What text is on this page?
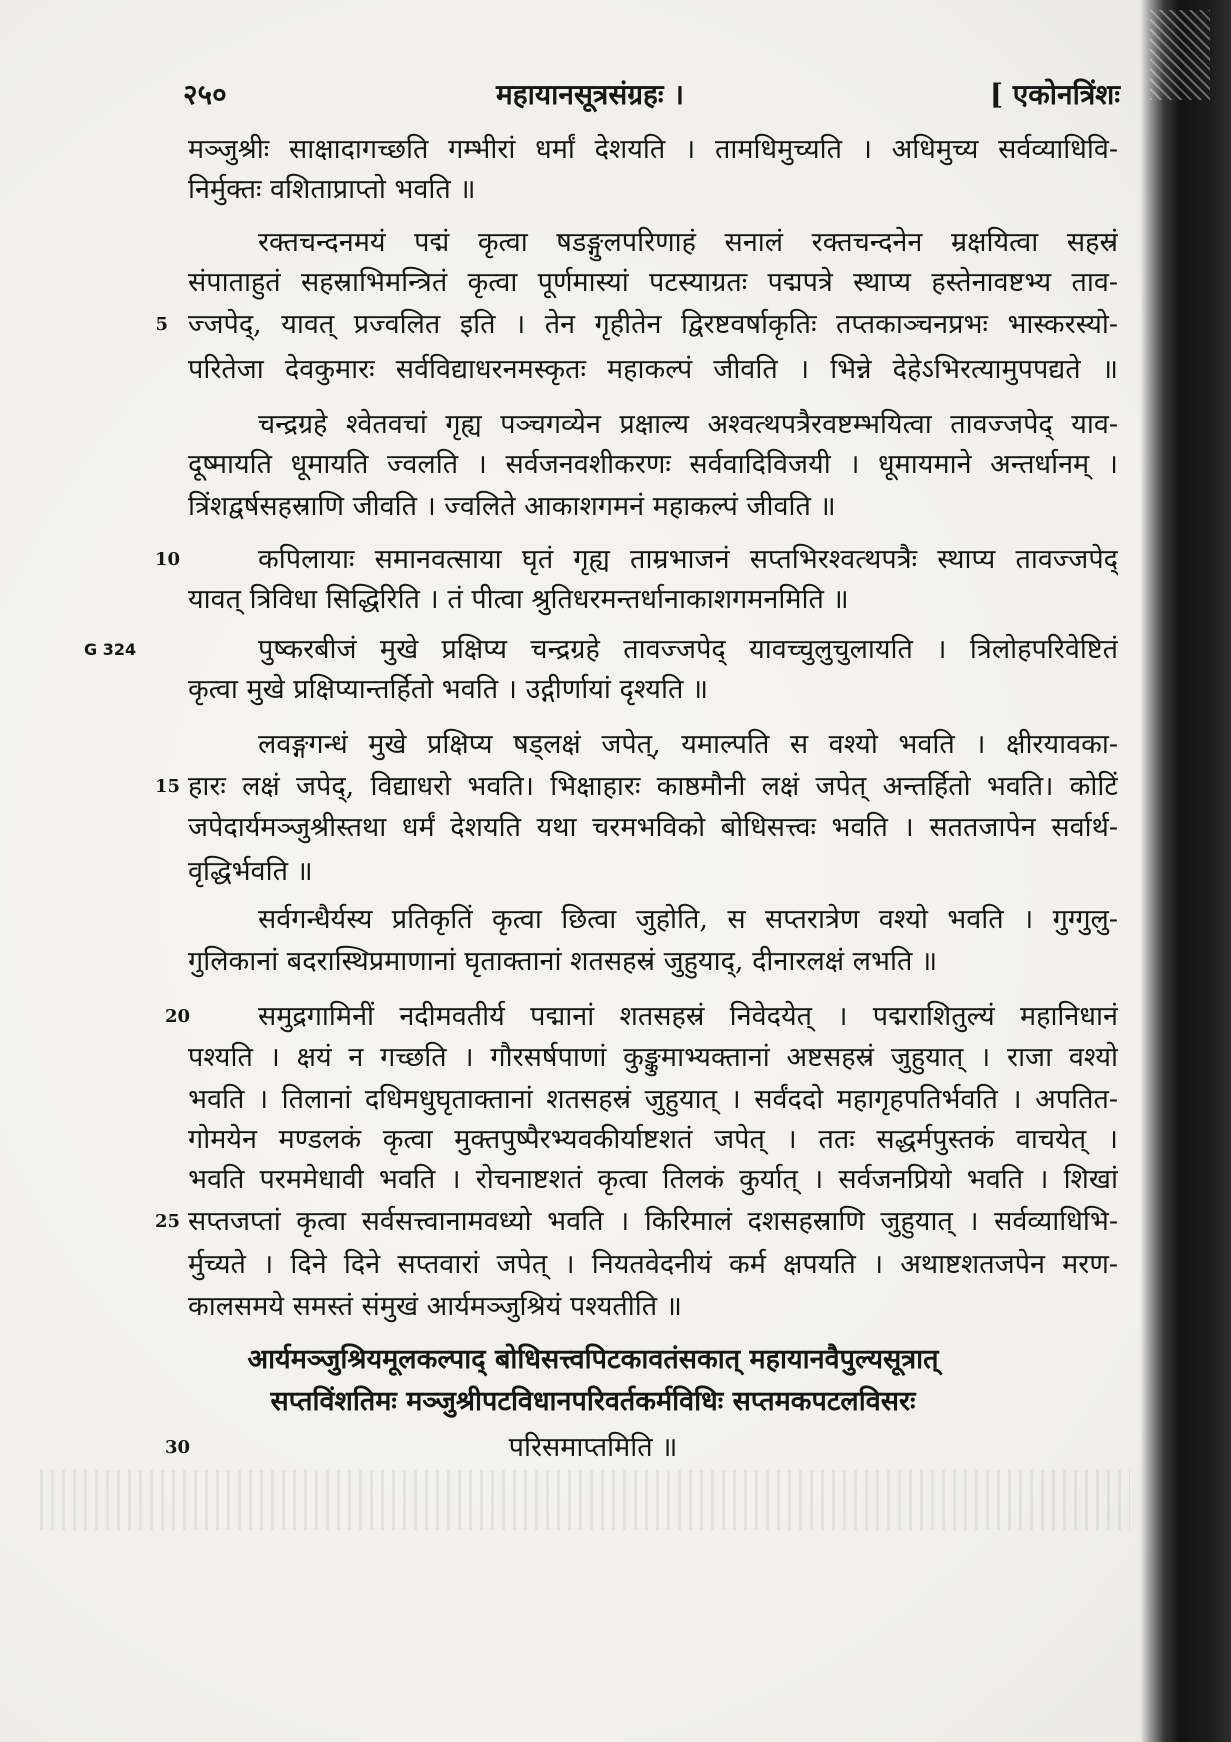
२५०	महायानसूत्रसंग्रहः ।	[ एकोनत्रिंशः
5
10
15
20
25
30
G 324
मञ्जुश्रीः साक्षादागच्छति गम्भीरां धर्मां देशयति । तामधिमुच्यति । अधिमुच्य सर्वव्याधिवि-
निर्मुक्तः वशिताप्राप्तो भवति ॥
रक्तचन्दनमयं पद्मं कृत्वा षडङ्गुलपरिणाहं सनालं रक्तचन्दनेन म्रक्षयित्वा सहस्रं
संपाताहुतं सहस्राभिमन्त्रितं कृत्वा पूर्णमास्यां पटस्याग्रतः पद्मपत्रे स्थाप्य हस्तेनावष्टभ्य ताव-
ज्जपेद्, यावत् प्रज्वलित इति । तेन गृहीतेन द्विरष्टवर्षाकृतिः तप्तकाञ्चनप्रभः भास्करस्यो-
परितेजा देवकुमारः सर्वविद्याधरनमस्कृतः महाकल्पं जीवति । भिन्ने देहेऽभिरत्यामुपपद्यते ॥
चन्द्रग्रहे श्वेतवचां गृह्य पञ्चगव्येन प्रक्षाल्य अश्वत्थपत्रैरवष्टम्भयित्वा तावज्जपेद् याव-
दूष्मायति धूमायति ज्वलति । सर्वजनवशीकरणः सर्ववादिविजयी । धूमायमाने अन्तर्धानम् ।
त्रिंशद्वर्षसहस्राणि जीवति । ज्वलिते आकाशगमनं महाकल्पं जीवति ॥
कपिलायाः समानवत्साया घृतं गृह्य ताम्रभाजनं सप्तभिरश्वत्थपत्रैः स्थाप्य तावज्जपेद्
यावत् त्रिविधा सिद्धिरिति । तं पीत्वा श्रुतिधरमन्तर्धानाकाशगमनमिति ॥
पुष्करबीजं मुखे प्रक्षिप्य चन्द्रग्रहे तावज्जपेद् यावच्चुलुचुलायति । त्रिलोहपरिवेष्टितं
कृत्वा मुखे प्रक्षिप्यान्तर्हितो भवति । उद्गीर्णायां दृश्यति ॥
लवङ्गगन्धं मुखे प्रक्षिप्य षड्लक्षं जपेत्, यमाल्पति स वश्यो भवति । क्षीरयावका-
हारः लक्षं जपेद्, विद्याधरो भवति। भिक्षाहारः काष्ठमौनी लक्षं जपेत् अन्तर्हितो भवति। कोटिं
जपेदार्यमञ्जुश्रीस्तथा धर्मं देशयति यथा चरमभविको बोधिसत्त्वः भवति । सततजापेन सर्वार्थ-
वृद्धिर्भवति ॥
सर्वगन्धैर्यस्य प्रतिकृतिं कृत्वा छित्वा जुहोति, स सप्तरात्रेण वश्यो भवति । गुग्गुलु-
गुलिकानां बदरास्थिप्रमाणानां घृताक्तानां शतसहस्रं जुहुयाद्, दीनारलक्षं लभति ॥
समुद्रगामिनीं नदीमवतीर्य पद्मानां शतसहस्रं निवेदयेत् । पद्मराशितुल्यं महानिधानं
पश्यति । क्षयं न गच्छति । गौरसर्षपाणां कुङ्कुमाभ्यक्तानां अष्टसहस्रं जुहुयात् । राजा वश्यो
भवति । तिलानां दधिमधुघृताक्तानां शतसहस्रं जुहुयात् । सर्वंददो महागृहपतिर्भवति । अपतित-
गोमयेन मण्डलकं कृत्वा मुक्तपुष्पैरभ्यवकीर्याष्टशतं जपेत् । ततः सद्धर्मपुस्तकं वाचयेत् ।
भवति परममेधावी भवति । रोचनाष्टशतं कृत्वा तिलकं कुर्यात् । सर्वजनप्रियो भवति । शिखां
सप्तजप्तां कृत्वा सर्वसत्त्वानामवध्यो भवति । किरिमालं दशसहस्राणि जुहुयात् । सर्वव्याधिभि-
र्मुच्यते । दिने दिने सप्तवारां जपेत् । नियतवेदनीयं कर्म क्षपयति । अथाष्टशतजपेन मरण-
कालसमये समस्तं संमुखं आर्यमञ्जुश्रियं पश्यतीति ॥
आर्यमञ्जुश्रियमूलकल्पाद् बोधिसत्त्वपिटकावतंसकात् महायानवैपुल्यसूत्रात्
सप्तविंशतिमः मञ्जुश्रीपटविधानपरिवर्तकर्मविधिः सप्तमकपटलविसरः
परिसमाप्तमिति ॥
